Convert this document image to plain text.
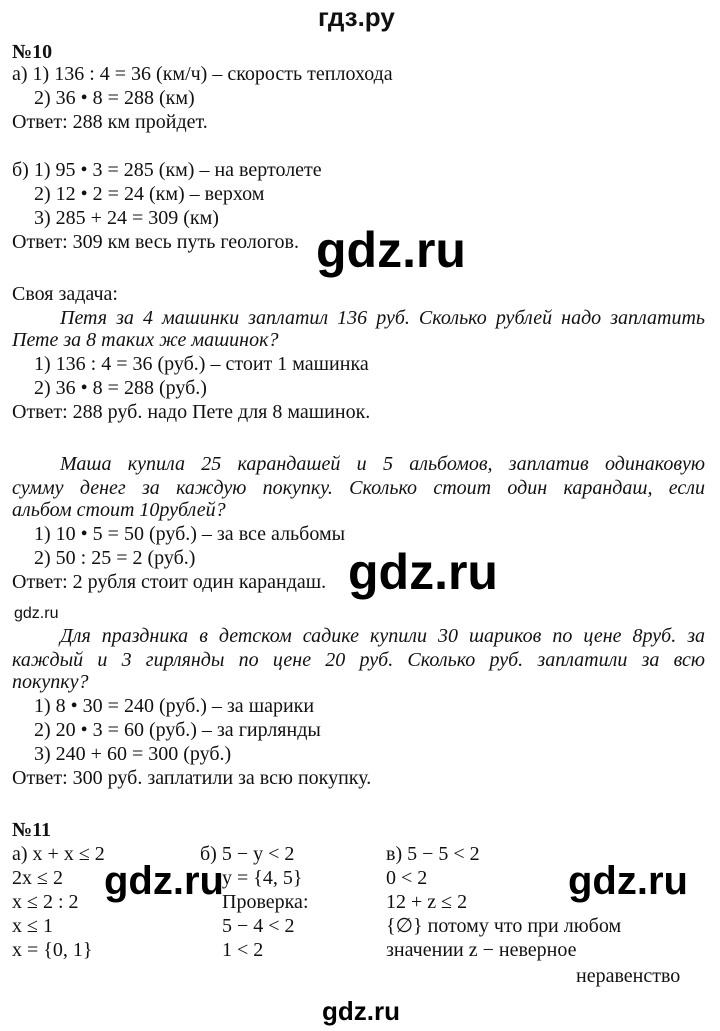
гдз.ру
№10
а) 1) 136 : 4 = 36 (км/ч) – скорость теплохода
2) 36 • 8 = 288 (км)
Ответ: 288 км пройдет.
б) 1) 95 • 3 = 285 (км) – на вертолете
2) 12 • 2 = 24 (км) – верхом
3) 285 + 24 = 309 (км)
Ответ: 309 км весь путь геологов.
Своя задача:
Петя за 4 машинки заплатил 136 руб. Сколько рублей надо заплатить
Пете за 8 таких же машинок?
1) 136 : 4 = 36 (руб.) – стоит 1 машинка
2) 36 • 8 = 288 (руб.)
Ответ: 288 руб. надо Пете для 8 машинок.
Маша купила 25 карандашей и 5 альбомов, заплатив одинаковую
сумму денег за каждую покупку. Сколько стоит один карандаш, если
альбом стоит 10рублей?
1) 10 • 5 = 50 (руб.) – за все альбомы
2) 50 : 25 = 2 (руб.)
Ответ: 2 рубля стоит один карандаш.
gdz.ru
Для праздника в детском садике купили 30 шариков по цене 8руб. за
каждый и 3 гирлянды по цене 20 руб. Сколько руб. заплатили за всю
покупку?
1) 8 • 30 = 240 (руб.) – за шарики
2) 20 • 3 = 60 (руб.) – за гирлянды
3) 240 + 60 = 300 (руб.)
Ответ: 300 руб. заплатили за всю покупку.
№11
а) x + x ≤ 2
2x ≤ 2
x ≤ 2 : 2
x ≤ 1
x = {0, 1}
б) 5 − y < 2
y = {4, 5}
Проверка:
5 − 4 < 2
1 < 2
в) 5 − 5 < 2
0 < 2
12 + z ≤ 2
{∅} потому что при любом
значении z − неверное
неравенство
gdz.ru
gdz.ru
gdz.ru	gdz.ru
gdz.ru
